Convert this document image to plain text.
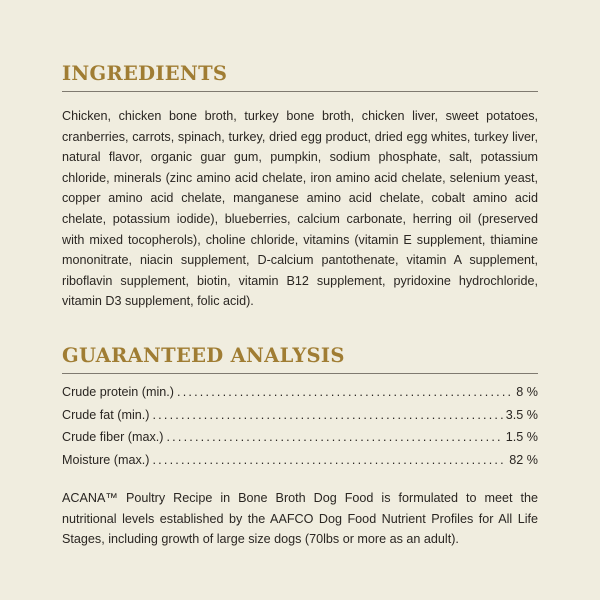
INGREDIENTS

Chicken, chicken bone broth, turkey bone broth, chicken liver, sweet potatoes, cranberries, carrots, spinach, turkey, dried egg product, dried egg whites, turkey liver, natural flavor, organic guar gum, pumpkin, sodium phosphate, salt, potassium chloride, minerals (zinc amino acid chelate, iron amino acid chelate, selenium yeast, copper amino acid chelate, manganese amino acid chelate, cobalt amino acid chelate, potassium iodide), blueberries, calcium carbonate, herring oil (preserved with mixed tocopherols), choline chloride, vitamins (vitamin E supplement, thiamine mononitrate, niacin supplement, D-calcium pantothenate, vitamin A supplement, riboflavin supplement, biotin, vitamin B12 supplement, pyridoxine hydrochloride, vitamin D3 supplement, folic acid).

GUARANTEED ANALYSIS
Crude protein (min.) .....	8 %
Crude fat (min.) .....	3.5 %
Crude fiber (max.) .....	1.5 %
Moisture (max.) .....	82 %

ACANA™ Poultry Recipe in Bone Broth Dog Food is formulated to meet the nutritional levels established by the AAFCO Dog Food Nutrient Profiles for All Life Stages, including growth of large size dogs (70lbs or more as an adult).
